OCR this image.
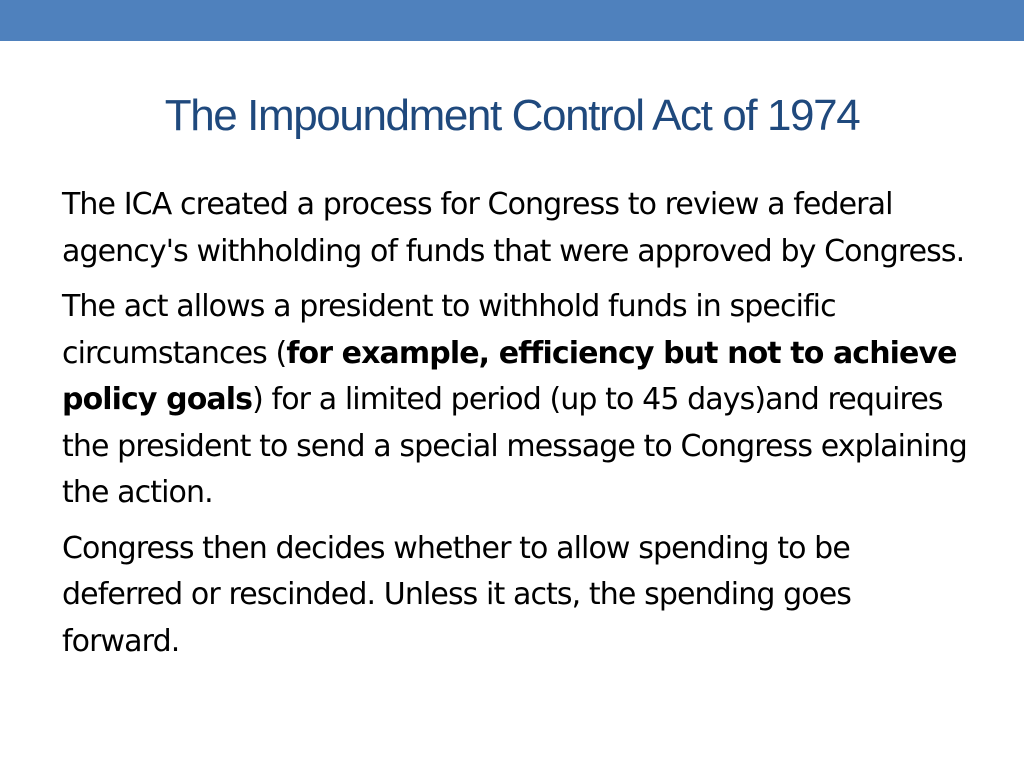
The Impoundment Control Act of 1974

The ICA created a process for Congress to review a federal agency's withholding of funds that were approved by Congress.

The act allows a president to withhold funds in specific circumstances (for example, efficiency but not to achieve policy goals) for a limited period (up to 45 days)and requires the president to send a special message to Congress explaining the action.

Congress then decides whether to allow spending to be deferred or rescinded. Unless it acts, the spending goes forward.
